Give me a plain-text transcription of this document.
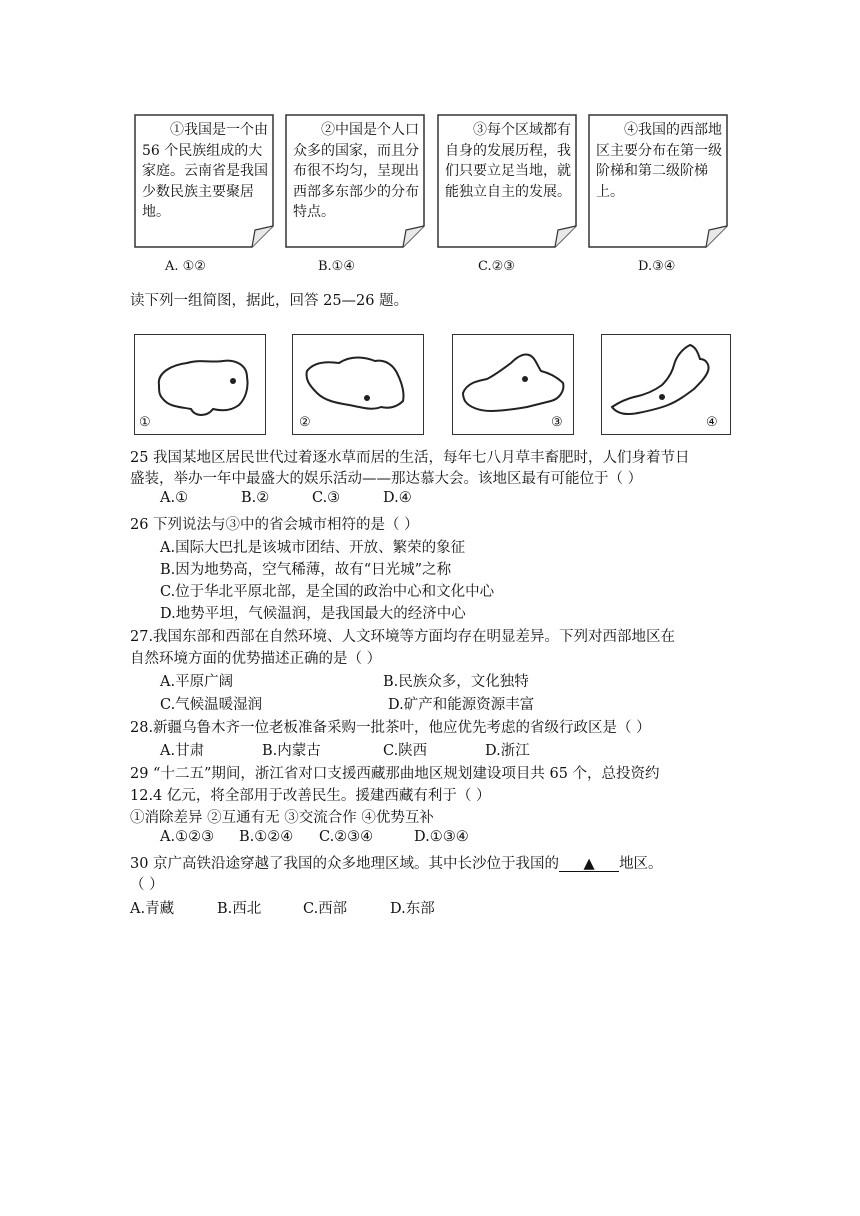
①我国是一个由 56 个民族组成的大家庭。云南省是我国少数民族主要聚居地。
②中国是个人口众多的国家，而且分布很不均匀，呈现出西部多东部少的分布特点。
③每个区域都有自身的发展历程，我们只要立足当地，就能独立自主的发展。
④我国的西部地区主要分布在第一级阶梯和第二级阶梯上。
A. ①②	B.①④	C.②③	D.③④
读下列一组简图，据此，回答 25—26 题。
①	②	③	④
25 我国某地区居民世代过着逐水草而居的生活，每年七八月草丰畜肥时，人们身着节日
盛装，举办一年中最盛大的娱乐活动——那达慕大会。该地区最有可能位于（ ）
A.①	B.②	C.③	D.④
26 下列说法与③中的省会城市相符的是（ ）
A.国际大巴扎是该城市团结、开放、繁荣的象征
B.因为地势高，空气稀薄，故有“日光城”之称
C.位于华北平原北部，是全国的政治中心和文化中心
D.地势平坦，气候温润，是我国最大的经济中心
27.我国东部和西部在自然环境、人文环境等方面均存在明显差异。下列对西部地区在
自然环境方面的优势描述正确的是（ ）
A.平原广阔	B.民族众多，文化独特
C.气候温暖湿润	D.矿产和能源资源丰富
28.新疆乌鲁木齐一位老板准备采购一批茶叶，他应优先考虑的省级行政区是（ ）
A.甘肃	B.内蒙古	C.陕西	D.浙江
29 “十二五”期间，浙江省对口支援西藏那曲地区规划建设项目共 65 个，总投资约
12.4 亿元，将全部用于改善民生。援建西藏有利于（ ）
①消除差异 ②互通有无 ③交流合作 ④优势互补
A.①②③ B.①②④ C.②③④	D.①③④
30 京广高铁沿途穿越了我国的众多地理区域。其中长沙位于我国的 ▲ 地区。
（ ）
A.青藏	B.西北	C.西部	D.东部
